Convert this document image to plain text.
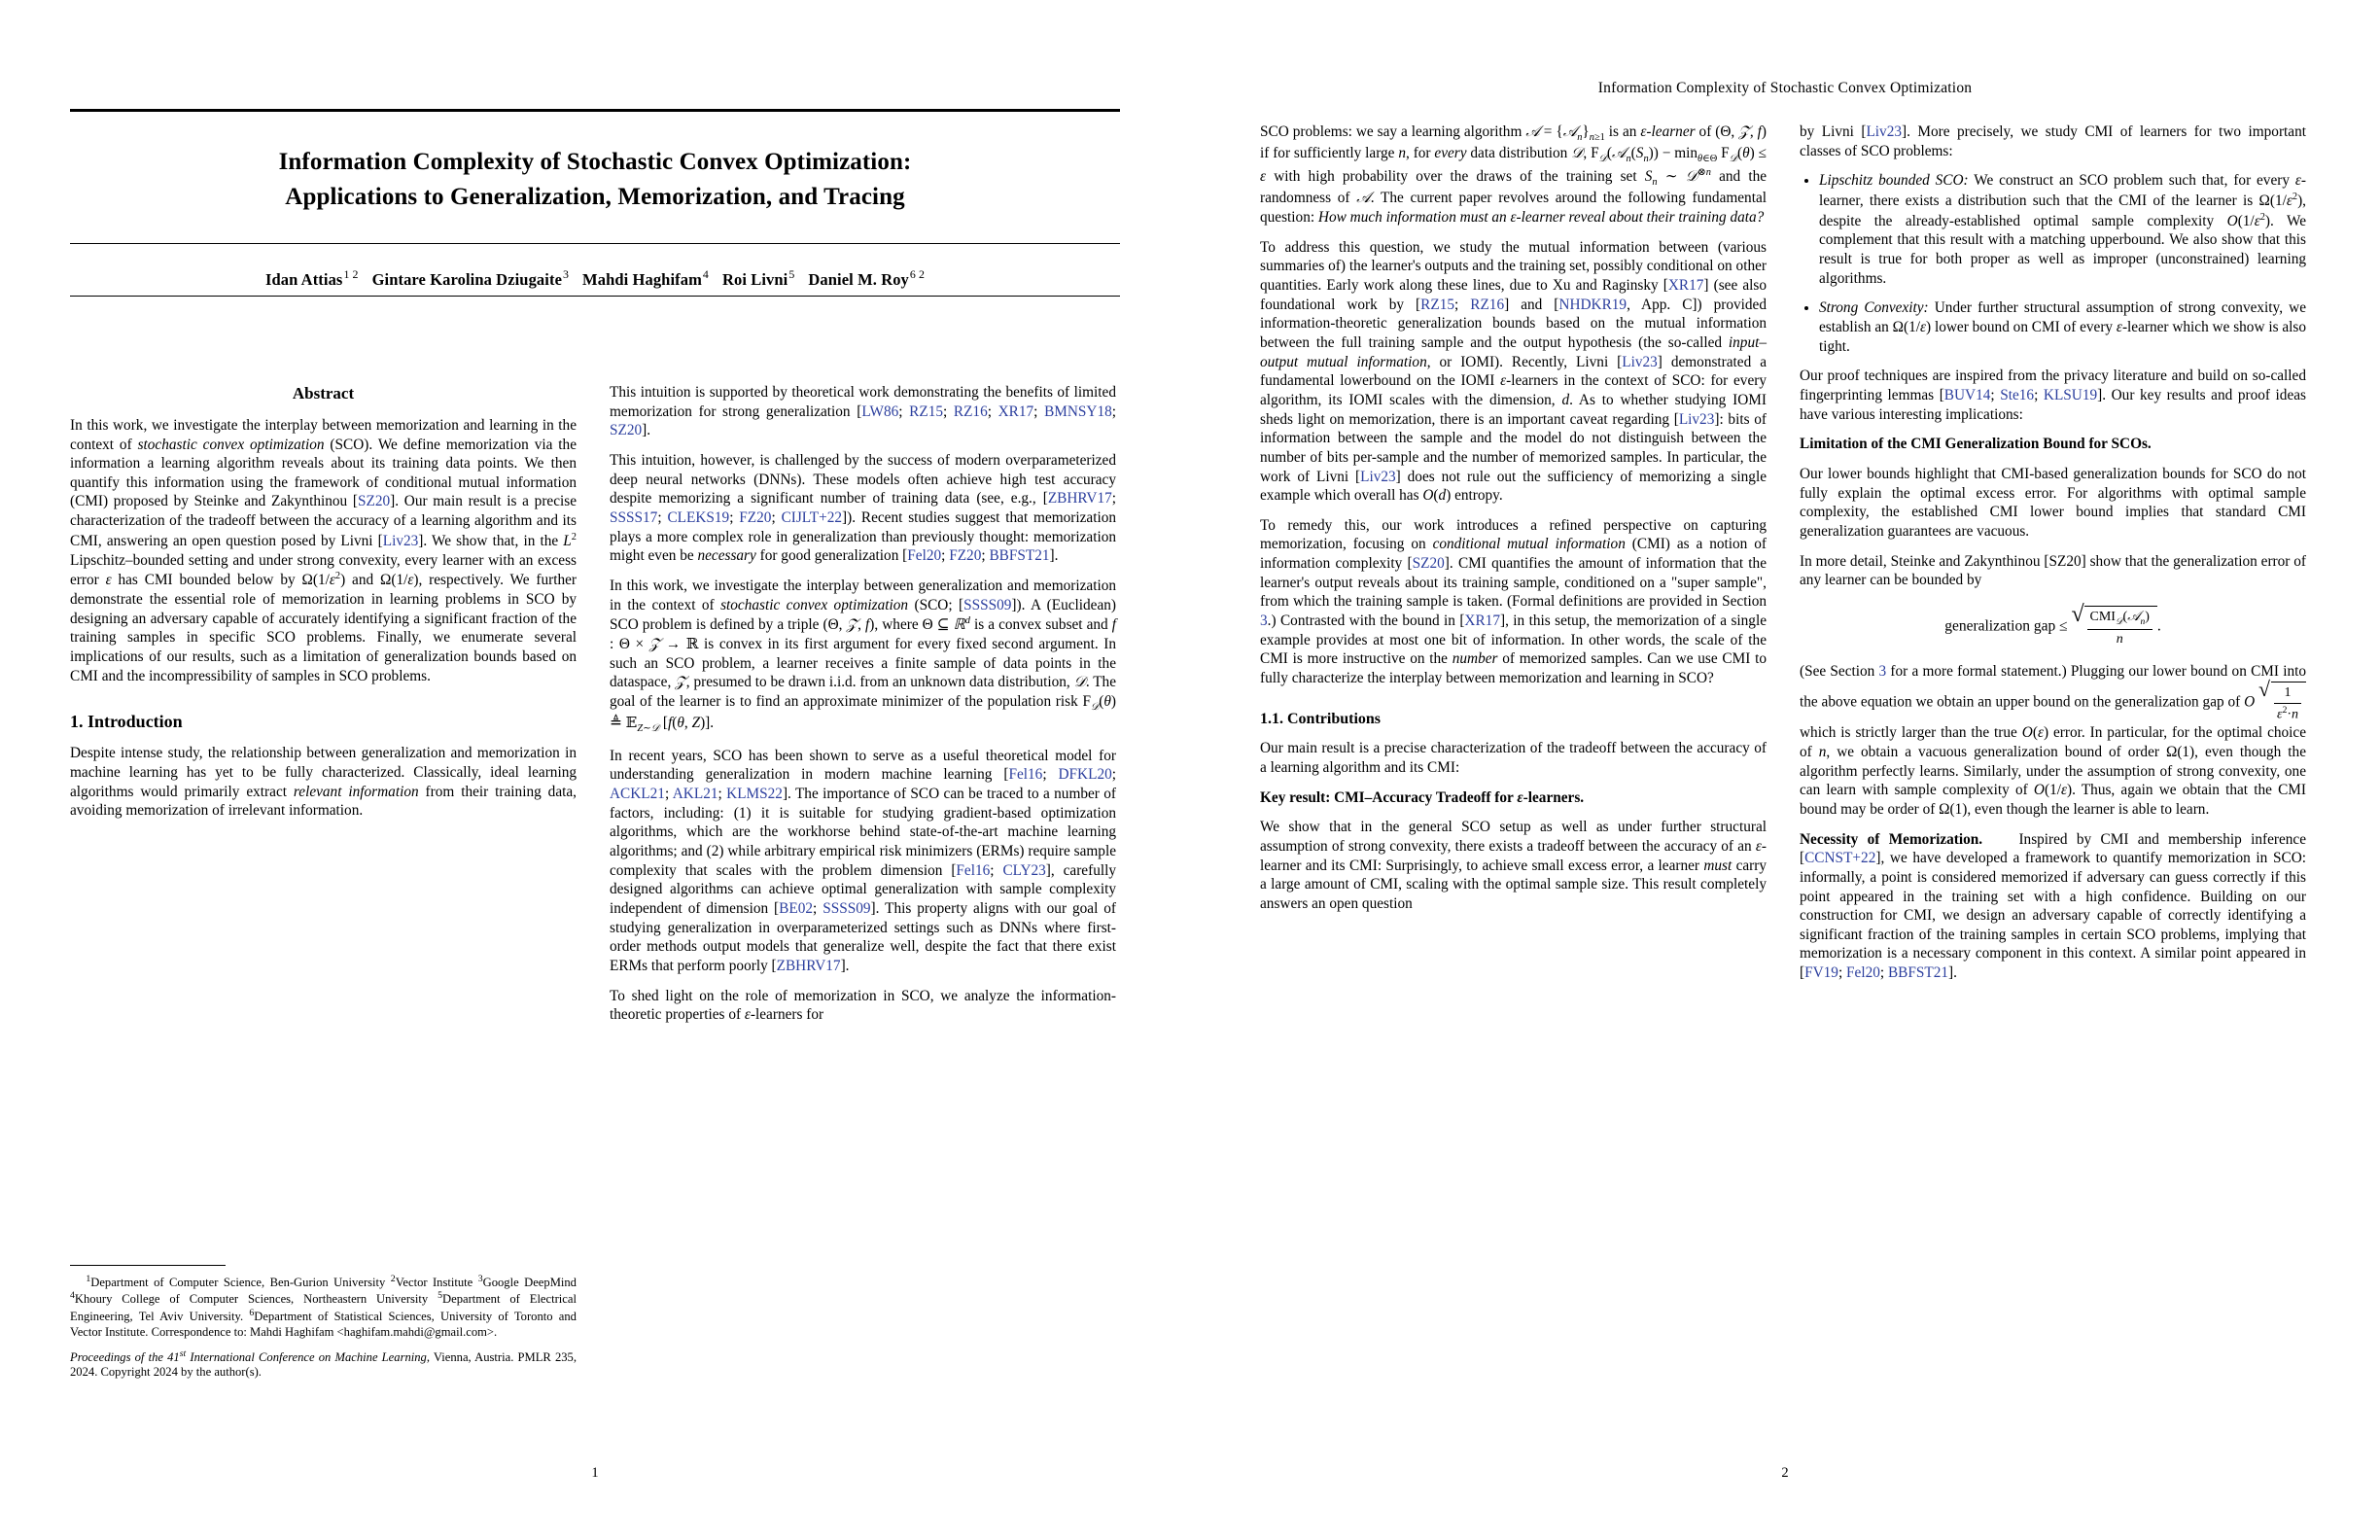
Information Complexity of Stochastic Convex Optimization:
Applications to Generalization, Memorization, and Tracing
Idan Attias$^{1 2}$ Gintare Karolina Dziugaite$^3$ Mahdi Haghifam$^4$ Roi Livni$^5$ Daniel M. Roy$^{6 2}$
Abstract

In this work, we investigate the interplay between memorization and learning in the context of stochastic convex optimization (SCO). We define memorization via the information a learning algorithm reveals about its training data points. We then quantify this information using the framework of conditional mutual information (CMI) proposed by Steinke and Zakynthinou [SZ20]. Our main result is a precise characterization of the tradeoff between the accuracy of a learning algorithm and its CMI, answering an open question posed by Livni [Liv23]. We show that, in the $L^2$ Lipschitz–bounded setting and under strong convexity, every learner with an excess error ε has CMI bounded below by $\Omega(1/\varepsilon^2)$ and Ω(1/ε), respectively. We further demonstrate the essential role of memorization in learning problems in SCO by designing an adversary capable of accurately identifying a significant fraction of the training samples in specific SCO problems. Finally, we enumerate several implications of our results, such as a limitation of generalization bounds based on CMI and the incompressibility of samples in SCO problems.

1. Introduction

Despite intense study, the relationship between generalization and memorization in machine learning has yet to be fully characterized. Classically, ideal learning algorithms would primarily extract relevant information from their training data, avoiding memorization of irrelevant information.

This intuition is supported by theoretical work demonstrating the benefits of limited memorization for strong generalization [LW86; RZ15; RZ16; XR17; BMNSY18; SZ20].

This intuition, however, is challenged by the success of modern overparameterized deep neural networks (DNNs). These models often achieve high test accuracy despite memorizing a significant number of training data (see, e.g., [ZBHRV17; SSSS17; CLEKS19; FZ20; CIJLT+22]). Recent studies suggest that memorization plays a more complex role in generalization than previously thought: memorization might even be necessary for good generalization [Fel20; FZ20; BBFST21].

In this work, we investigate the interplay between generalization and memorization in the context of stochastic convex optimization (SCO; [SSSS09]). A (Euclidean) SCO problem is defined by a triple (Θ, 𝒵, f), where Θ ⊆ ℝ$^d$ is a convex subset and f : Θ × 𝒵 → ℝ is convex in its first argument for every fixed second argument. In such an SCO problem, a learner receives a finite sample of data points in the dataspace, 𝒵, presumed to be drawn i.i.d. from an unknown data distribution, 𝒟. The goal of the learner is to find an approximate minimizer of the population risk $F_𝒟(\theta)$ ≜ 𝔼$_{Z\sim 𝒟}$ [f(θ, Z)].

In recent years, SCO has been shown to serve as a useful theoretical model for understanding generalization in modern machine learning [Fel16; DFKL20; ACKL21; AKL21; KLMS22]. The importance of SCO can be traced to a number of factors, including: (1) it is suitable for studying gradient-based optimization algorithms, which are the workhorse behind state-of-the-art machine learning algorithms; and (2) while arbitrary empirical risk minimizers (ERMs) require sample complexity that scales with the problem dimension [Fel16; CLY23], carefully designed algorithms can achieve optimal generalization with sample complexity independent of dimension [BE02; SSSS09]. This property aligns with our goal of studying generalization in overparameterized settings such as DNNs where first-order methods output models that generalize well, despite the fact that there exist ERMs that perform poorly [ZBHRV17].

To shed light on the role of memorization in SCO, we analyze the information-theoretic properties of ε-learners for

$^1$Department of Computer Science, Ben-Gurion University $^2$Vector Institute $^3$Google DeepMind $^4$Khoury College of Computer Sciences, Northeastern University $^5$Department of Electrical Engineering, Tel Aviv University. $^6$Department of Statistical Sciences, University of Toronto and Vector Institute. Correspondence to: Mahdi Haghifam <haghifam.mahdi@gmail.com>.

Proceedings of the 41st International Conference on Machine Learning, Vienna, Austria. PMLR 235, 2024. Copyright 2024 by the author(s).

1
Information Complexity of Stochastic Convex Optimization

SCO problems: we say a learning algorithm 𝒜 = $\{𝒜_n\}_{n\ge 1}$ is an ε-learner of (Θ, 𝒵, f) if for sufficiently large n, for every data distribution 𝒟, $F_𝒟(𝒜_n(S_n)) - \min_{\theta\in\Theta} F_𝒟(\theta) \le \varepsilon$ with high probability over the draws of the training set $S_n$ ∼ 𝒟$^{\otimes n}$ and the randomness of 𝒜. The current paper revolves around the following fundamental question: How much information must an ε-learner reveal about their training data?

To address this question, we study the mutual information between (various summaries of) the learner's outputs and the training set, possibly conditional on other quantities. Early work along these lines, due to Xu and Raginsky [XR17] (see also foundational work by [RZ15; RZ16] and [NHDKR19, App. C]) provided information-theoretic generalization bounds based on the mutual information between the full training sample and the output hypothesis (the so-called input–output mutual information, or IOMI). Recently, Livni [Liv23] demonstrated a fundamental lowerbound on the IOMI ε-learners in the context of SCO: for every algorithm, its IOMI scales with the dimension, d. As to whether studying IOMI sheds light on memorization, there is an important caveat regarding [Liv23]: bits of information between the sample and the model do not distinguish between the number of bits per-sample and the number of memorized samples. In particular, the work of Livni [Liv23] does not rule out the sufficiency of memorizing a single example which overall has O(d) entropy.

To remedy this, our work introduces a refined perspective on capturing memorization, focusing on conditional mutual information (CMI) as a notion of information complexity [SZ20]. CMI quantifies the amount of information that the learner's output reveals about its training sample, conditioned on a "super sample", from which the training sample is taken. (Formal definitions are provided in Section 3.) Contrasted with the bound in [XR17], in this setup, the memorization of a single example provides at most one bit of information. In other words, the scale of the CMI is more instructive on the number of memorized samples. Can we use CMI to fully characterize the interplay between memorization and learning in SCO?

1.1. Contributions

Our main result is a precise characterization of the tradeoff between the accuracy of a learning algorithm and its CMI:

Key result: CMI–Accuracy Tradeoff for ε-learners.

We show that in the general SCO setup as well as under further structural assumption of strong convexity, there exists a tradeoff between the accuracy of an ε-learner and its CMI: Surprisingly, to achieve small excess error, a learner must carry a large amount of CMI, scaling with the optimal sample size. This result completely answers an open question

by Livni [Liv23]. More precisely, we study CMI of learners for two important classes of SCO problems:

• Lipschitz bounded SCO: We construct an SCO problem such that, for every ε-learner, there exists a distribution such that the CMI of the learner is $\Omega(1/\varepsilon^2)$, despite the already-established optimal sample complexity $O(1/\varepsilon^2)$. We complement that this result with a matching upperbound. We also show that this result is true for both proper as well as improper (unconstrained) learning algorithms.
• Strong Convexity: Under further structural assumption of strong convexity, we establish an Ω(1/ε) lower bound on CMI of every ε-learner which we show is also tight.

Our proof techniques are inspired from the privacy literature and build on so-called fingerprinting lemmas [BUV14; Ste16; KLSU19]. Our key results and proof ideas have various interesting implications:

Limitation of the CMI Generalization Bound for SCOs.

Our lower bounds highlight that CMI-based generalization bounds for SCO do not fully explain the optimal excess error. For algorithms with optimal sample complexity, the established CMI lower bound implies that standard CMI generalization guarantees are vacuous.

In more detail, Steinke and Zakynthinou [SZ20] show that the generalization error of any learner can be bounded by

generalization gap ≤ √ $\frac{CMI_𝒟(𝒜_n)}{n}$ .

(See Section 3 for a more formal statement.) Plugging our lower bound on CMI into the above equation we obtain an upper bound on the generalization gap of O √ $\frac{1}{\varepsilon^2\cdot n}$
which is strictly larger than the true O(ε) error. In particular, for the optimal choice of n, we obtain a vacuous generalization bound of order Ω(1), even though the algorithm perfectly learns. Similarly, under the assumption of strong convexity, one can learn with sample complexity of O(1/ε). Thus, again we obtain that the CMI bound may be order of Ω(1), even though the learner is able to learn.

Necessity of Memorization.    Inspired by CMI and membership inference [CCNST+22], we have developed a framework to quantify memorization in SCO: informally, a point is considered memorized if adversary can guess correctly if this point appeared in the training set with a high confidence. Building on our construction for CMI, we design an adversary capable of correctly identifying a significant fraction of the training samples in certain SCO problems, implying that memorization is a necessary component in this context. A similar point appeared in [FV19; Fel20; BBFST21].

2
